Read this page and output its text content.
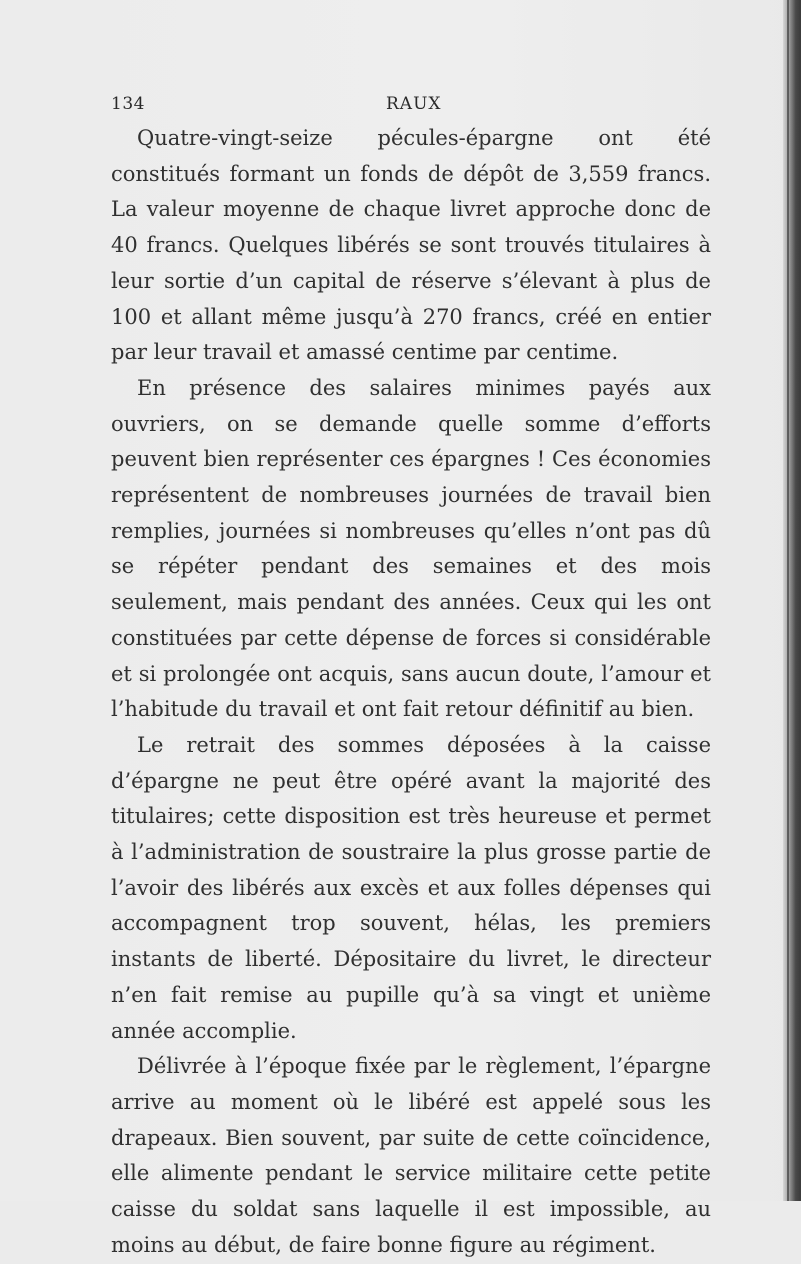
134	RAUX

Quatre-vingt-seize pécules-épargne ont été constitués formant un fonds de dépôt de 3,559 francs. La valeur moyenne de chaque livret approche donc de 40 francs. Quelques libérés se sont trouvés titulaires à leur sortie d’un capital de réserve s’élevant à plus de 100 et allant même jusqu’à 270 francs, créé en entier par leur travail et amassé centime par centime.

En présence des salaires minimes payés aux ouvriers, on se demande quelle somme d’efforts peuvent bien représenter ces épargnes ! Ces économies représentent de nombreuses journées de travail bien remplies, journées si nombreuses qu’elles n’ont pas dû se répéter pendant des semaines et des mois seulement, mais pendant des années. Ceux qui les ont constituées par cette dépense de forces si considérable et si prolongée ont acquis, sans aucun doute, l’amour et l’habitude du travail et ont fait retour définitif au bien.

Le retrait des sommes déposées à la caisse d’épargne ne peut être opéré avant la majorité des titulaires; cette disposition est très heureuse et permet à l’administration de soustraire la plus grosse partie de l’avoir des libérés aux excès et aux folles dépenses qui accompagnent trop souvent, hélas, les premiers instants de liberté. Dépositaire du livret, le directeur n’en fait remise au pupille qu’à sa vingt et unième année accomplie.

Délivrée à l’époque fixée par le règlement, l’épargne arrive au moment où le libéré est appelé sous les drapeaux. Bien souvent, par suite de cette coïncidence, elle alimente pendant le service militaire cette petite caisse du soldat sans laquelle il est impossible, au moins au début, de faire bonne figure au régiment.
